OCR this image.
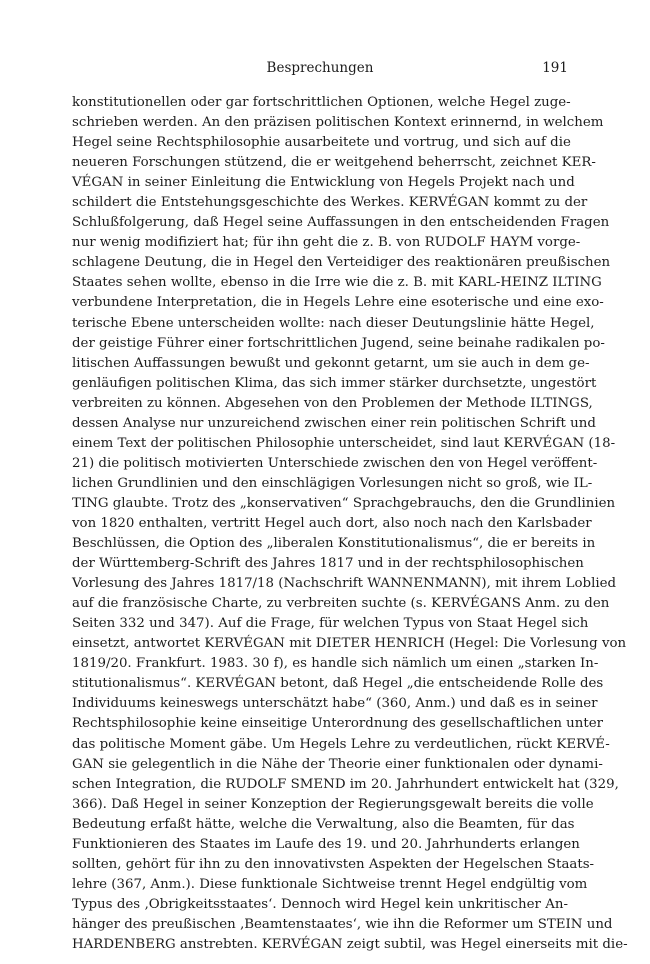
Besprechungen	191
konstitutionellen oder gar fortschrittlichen Optionen, welche Hegel zuge-
schrieben werden. An den präzisen politischen Kontext erinnernd, in welchem
Hegel seine Rechtsphilosophie ausarbeitete und vortrug, und sich auf die
neueren Forschungen stützend, die er weitgehend beherrscht, zeichnet KER-
VÉGAN in seiner Einleitung die Entwicklung von Hegels Projekt nach und
schildert die Entstehungsgeschichte des Werkes. KERVÉGAN kommt zu der
Schlußfolgerung, daß Hegel seine Auffassungen in den entscheidenden Fragen
nur wenig modifiziert hat; für ihn geht die z. B. von RUDOLF HAYM vorge-
schlagene Deutung, die in Hegel den Verteidiger des reaktionären preußischen
Staates sehen wollte, ebenso in die Irre wie die z. B. mit KARL-HEINZ ILTING
verbundene Interpretation, die in Hegels Lehre eine esoterische und eine exo-
terische Ebene unterscheiden wollte: nach dieser Deutungslinie hätte Hegel,
der geistige Führer einer fortschrittlichen Jugend, seine beinahe radikalen po-
litischen Auffassungen bewußt und gekonnt getarnt, um sie auch in dem ge-
genläufigen politischen Klima, das sich immer stärker durchsetzte, ungestört
verbreiten zu können. Abgesehen von den Problemen der Methode ILTINGS,
dessen Analyse nur unzureichend zwischen einer rein politischen Schrift und
einem Text der politischen Philosophie unterscheidet, sind laut KERVÉGAN (18-
21) die politisch motivierten Unterschiede zwischen den von Hegel veröffent-
lichen Grundlinien und den einschlägigen Vorlesungen nicht so groß, wie IL-
TING glaubte. Trotz des „konservativen“ Sprachgebrauchs, den die Grundlinien
von 1820 enthalten, vertritt Hegel auch dort, also noch nach den Karlsbader
Beschlüssen, die Option des „liberalen Konstitutionalismus“, die er bereits in
der Württemberg-Schrift des Jahres 1817 und in der rechtsphilosophischen
Vorlesung des Jahres 1817/18 (Nachschrift WANNENMANN), mit ihrem Loblied
auf die französische Charte, zu verbreiten suchte (s. KERVÉGANS Anm. zu den
Seiten 332 und 347). Auf die Frage, für welchen Typus von Staat Hegel sich
einsetzt, antwortet KERVÉGAN mit DIETER HENRICH (Hegel: Die Vorlesung von
1819/20. Frankfurt. 1983. 30 f), es handle sich nämlich um einen „starken In-
stitutionalismus“. KERVÉGAN betont, daß Hegel „die entscheidende Rolle des
Individuums keineswegs unterschätzt habe“ (360, Anm.) und daß es in seiner
Rechtsphilosophie keine einseitige Unterordnung des gesellschaftlichen unter
das politische Moment gäbe. Um Hegels Lehre zu verdeutlichen, rückt KERVÉ-
GAN sie gelegentlich in die Nähe der Theorie einer funktionalen oder dynami-
schen Integration, die RUDOLF SMEND im 20. Jahrhundert entwickelt hat (329,
366). Daß Hegel in seiner Konzeption der Regierungsgewalt bereits die volle
Bedeutung erfaßt hätte, welche die Verwaltung, also die Beamten, für das
Funktionieren des Staates im Laufe des 19. und 20. Jahrhunderts erlangen
sollten, gehört für ihn zu den innovativsten Aspekten der Hegelschen Staats-
lehre (367, Anm.). Diese funktionale Sichtweise trennt Hegel endgültig vom
Typus des ‚Obrigkeitsstaates‘. Dennoch wird Hegel kein unkritischer An-
hänger des preußischen ‚Beamtenstaates‘, wie ihn die Reformer um STEIN und
HARDENBERG anstrebten. KERVÉGAN zeigt subtil, was Hegel einerseits mit die-
